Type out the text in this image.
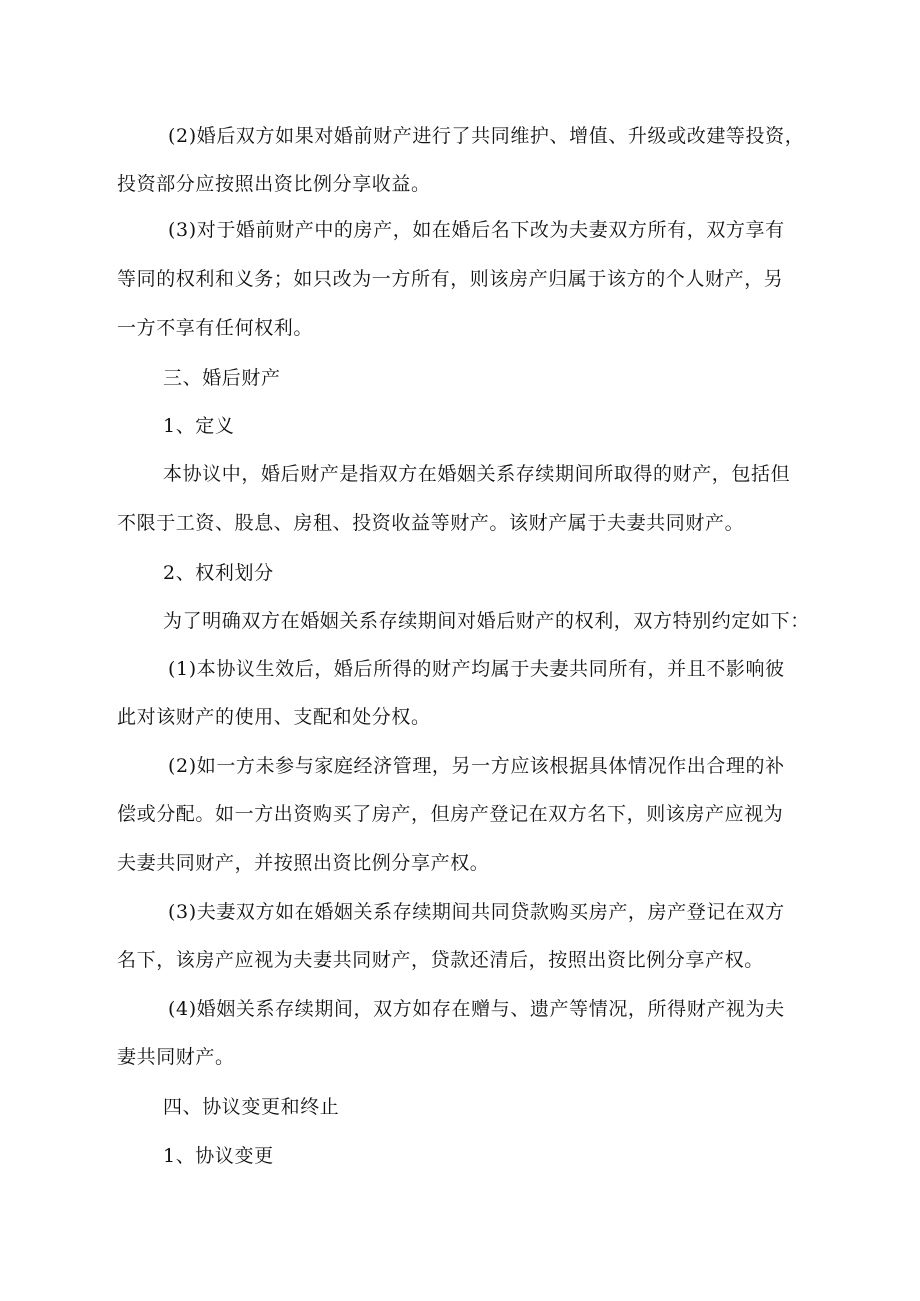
(2)婚后双方如果对婚前财产进行了共同维护、增值、升级或改建等投资，
投资部分应按照出资比例分享收益。
(3)对于婚前财产中的房产，如在婚后名下改为夫妻双方所有，双方享有
等同的权利和义务；如只改为一方所有，则该房产归属于该方的个人财产，另
一方不享有任何权利。
三、婚后财产
1、定义
本协议中，婚后财产是指双方在婚姻关系存续期间所取得的财产，包括但
不限于工资、股息、房租、投资收益等财产。该财产属于夫妻共同财产。
2、权利划分
为了明确双方在婚姻关系存续期间对婚后财产的权利，双方特别约定如下：
(1)本协议生效后，婚后所得的财产均属于夫妻共同所有，并且不影响彼
此对该财产的使用、支配和处分权。
(2)如一方未参与家庭经济管理，另一方应该根据具体情况作出合理的补
偿或分配。如一方出资购买了房产，但房产登记在双方名下，则该房产应视为
夫妻共同财产，并按照出资比例分享产权。
(3)夫妻双方如在婚姻关系存续期间共同贷款购买房产，房产登记在双方
名下，该房产应视为夫妻共同财产，贷款还清后，按照出资比例分享产权。
(4)婚姻关系存续期间，双方如存在赠与、遗产等情况，所得财产视为夫
妻共同财产。
四、协议变更和终止
1、协议变更
